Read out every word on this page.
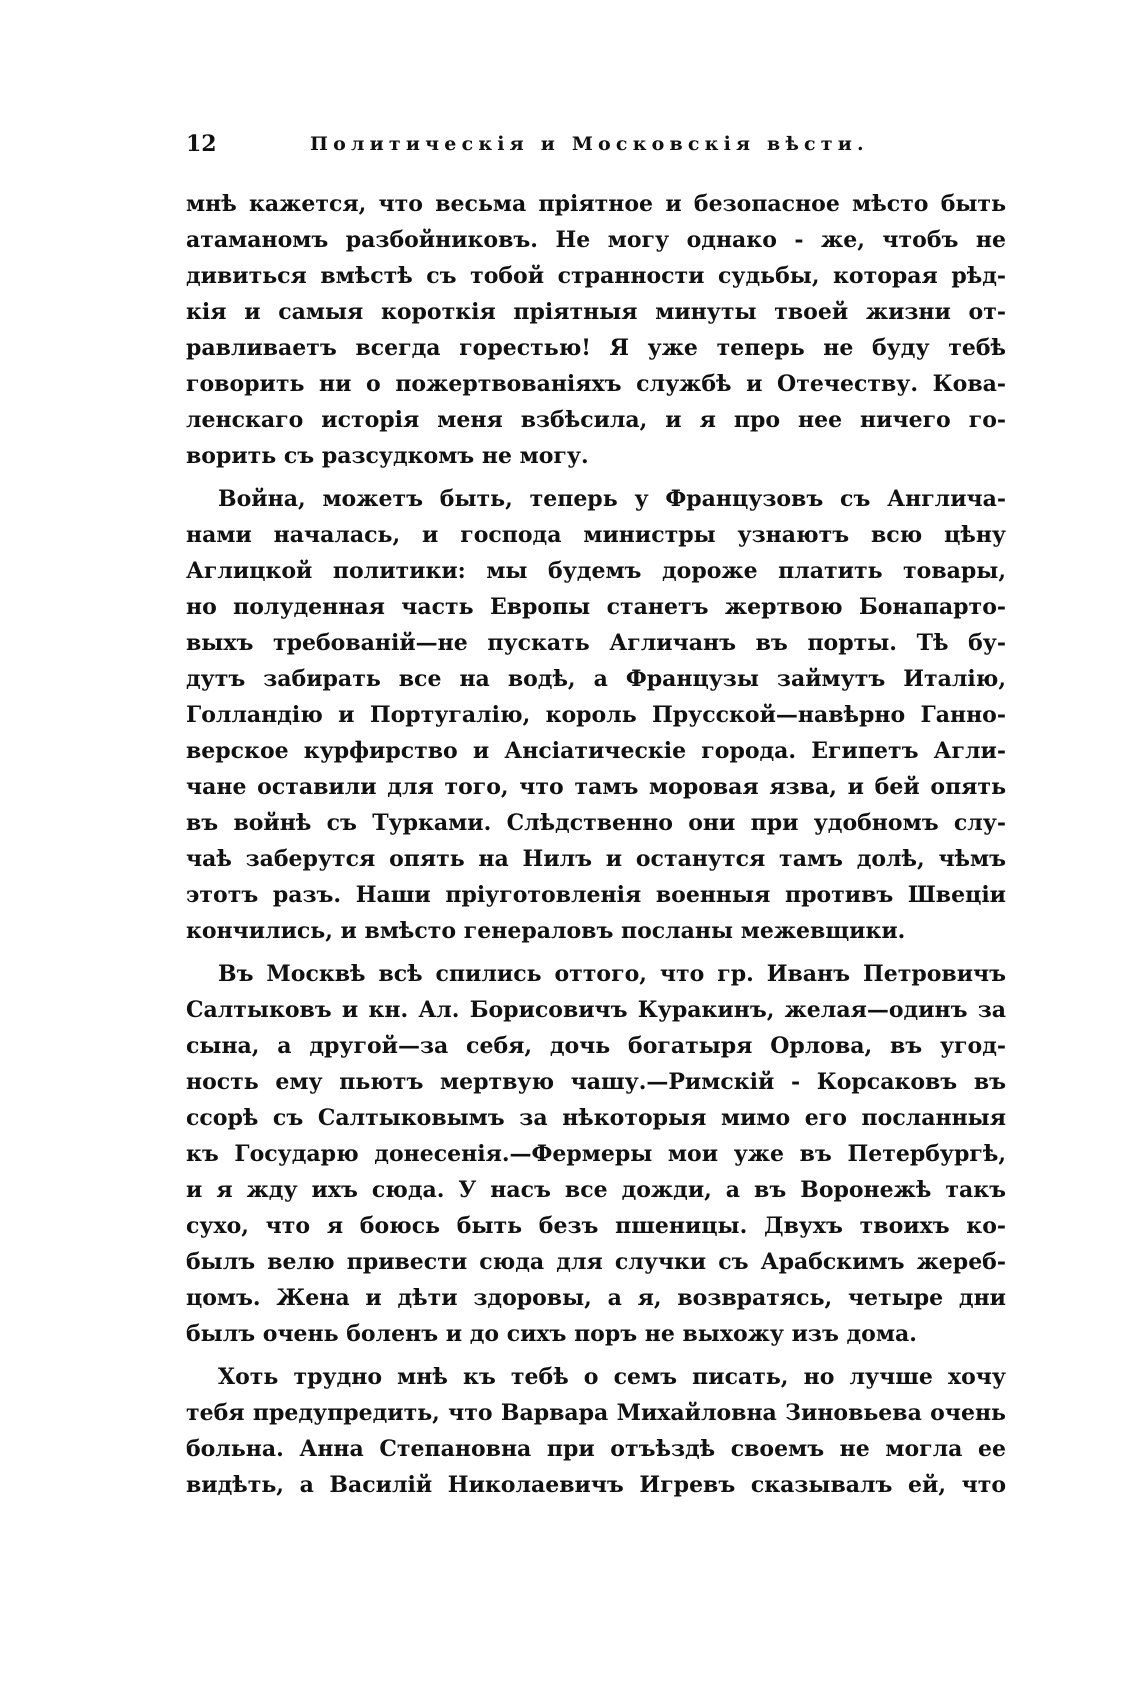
12	Политическія и Московскія вѣсти.
мнѣ кажется, что весьма пріятное и безопасное мѣсто быть
атаманомъ разбойниковъ. Не могу однако - же, чтобъ не
дивиться вмѣстѣ съ тобой странности судьбы, которая рѣд-
кія и самыя короткія пріятныя минуты твоей жизни от-
равливаетъ всегда горестью! Я уже теперь не буду тебѣ
говорить ни о пожертвованіяхъ службѣ и Отечеству. Кова-
ленскаго исторія меня взбѣсила, и я про нее ничего го-
ворить съ разсудкомъ не могу.
Война, можетъ быть, теперь у Французовъ съ Англича-
нами началась, и господа министры узнаютъ всю цѣну
Аглицкой политики: мы будемъ дороже платить товары,
но полуденная часть Европы станетъ жертвою Бонапарто-
выхъ требованій—не пускать Агличанъ въ порты. Тѣ бу-
дутъ забирать все на водѣ, а Французы займутъ Италію,
Голландію и Португалію, король Прусской—навѣрно Ганно-
верское курфирство и Ансіатическіе города. Египетъ Агли-
чане оставили для того, что тамъ моровая язва, и бей опять
въ войнѣ съ Турками. Слѣдственно они при удобномъ слу-
чаѣ заберутся опять на Нилъ и останутся тамъ долѣ, чѣмъ
этотъ разъ. Наши пріуготовленія военныя противъ Швеціи
кончились, и вмѣсто генераловъ посланы межевщики.
Въ Москвѣ всѣ спились оттого, что гр. Иванъ Петровичъ
Салтыковъ и кн. Ал. Борисовичъ Куракинъ, желая—одинъ за
сына, а другой—за себя, дочь богатыря Орлова, въ угод-
ность ему пьютъ мертвую чашу.—Римскій - Корсаковъ въ
ссорѣ съ Салтыковымъ за нѣкоторыя мимо его посланныя
къ Государю донесенія.—Фермеры мои уже въ Петербургѣ,
и я жду ихъ сюда. У насъ все дожди, а въ Воронежѣ такъ
сухо, что я боюсь быть безъ пшеницы. Двухъ твоихъ ко-
былъ велю привести сюда для случки съ Арабскимъ жереб-
цомъ. Жена и дѣти здоровы, а я, возвратясь, четыре дни
былъ очень боленъ и до сихъ поръ не выхожу изъ дома.
Хоть трудно мнѣ къ тебѣ о семъ писать, но лучше хочу
тебя предупредить, что Варвара Михайловна Зиновьева очень
больна. Анна Степановна при отъѣздѣ своемъ не могла ее
видѣть, а Василій Николаевичъ Игревъ сказывалъ ей, что
